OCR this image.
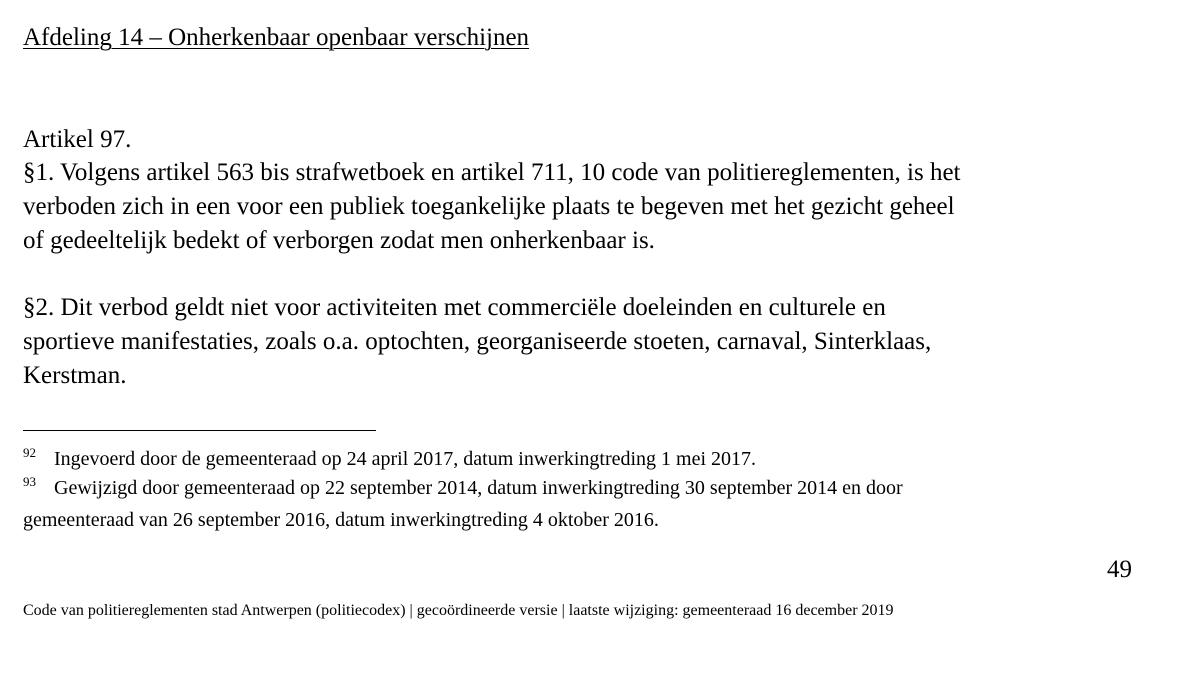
Afdeling 14 – Onherkenbaar openbaar verschijnen
Artikel 97.
§1. Volgens artikel 563 bis strafwetboek en artikel 711, 10 code van politiereglementen, is het
verboden zich in een voor een publiek toegankelijke plaats te begeven met het gezicht geheel
of gedeeltelijk bedekt of verborgen zodat men onherkenbaar is.
§2. Dit verbod geldt niet voor activiteiten met commerciële doeleinden en culturele en
sportieve manifestaties, zoals o.a. optochten, georganiseerde stoeten, carnaval, Sinterklaas,
Kerstman.
92 Ingevoerd door de gemeenteraad op 24 april 2017, datum inwerkingtreding 1 mei 2017.
93 Gewijzigd door gemeenteraad op 22 september 2014, datum inwerkingtreding 30 september 2014 en door
gemeenteraad van 26 september 2016, datum inwerkingtreding 4 oktober 2016.
49
Code van politiereglementen stad Antwerpen (politiecodex) | gecoördineerde versie | laatste wijziging: gemeenteraad 16 december 2019
